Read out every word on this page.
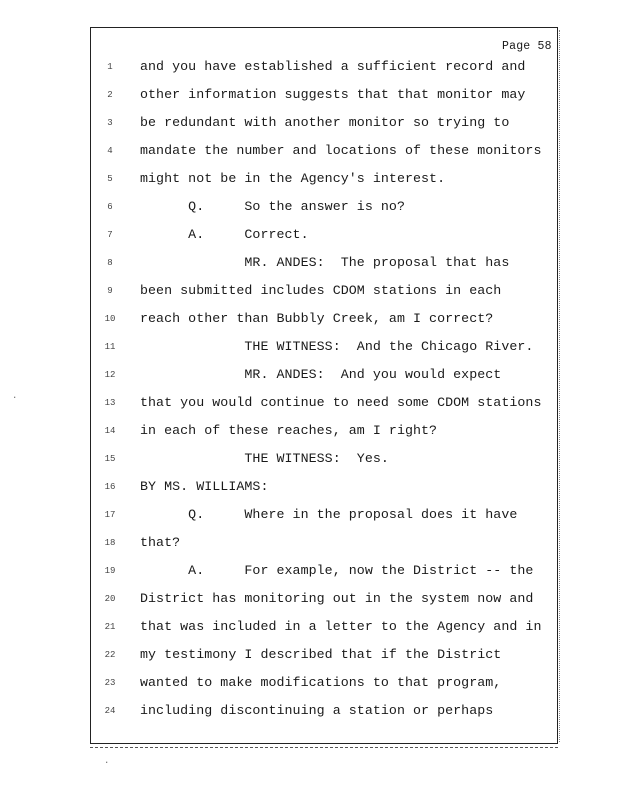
Page 58

1

	and you have established a sufficient record and

2

	other information suggests that that monitor may

3

	be redundant with another monitor so trying to

4

	mandate the number and locations of these monitors

5

	might not be in the Agency's interest.

6

	Q.     So the answer is no?

7

	A.     Correct.

8

	MR. ANDES:  The proposal that has

9

	been submitted includes CDOM stations in each

10

	reach other than Bubbly Creek, am I correct?

11

	THE WITNESS:  And the Chicago River.

12

	MR. ANDES:  And you would expect

13

	that you would continue to need some CDOM stations

14

	in each of these reaches, am I right?

15

	THE WITNESS:  Yes.

16

	BY MS. WILLIAMS:

17

	Q.     Where in the proposal does it have

18

	that?

19

	A.     For example, now the District -- the

20

	District has monitoring out in the system now and

21

	that was included in a letter to the Agency and in

22

	my testimony I described that if the District

23

	wanted to make modifications to that program,

24

	including discontinuing a station or perhaps

·
·
